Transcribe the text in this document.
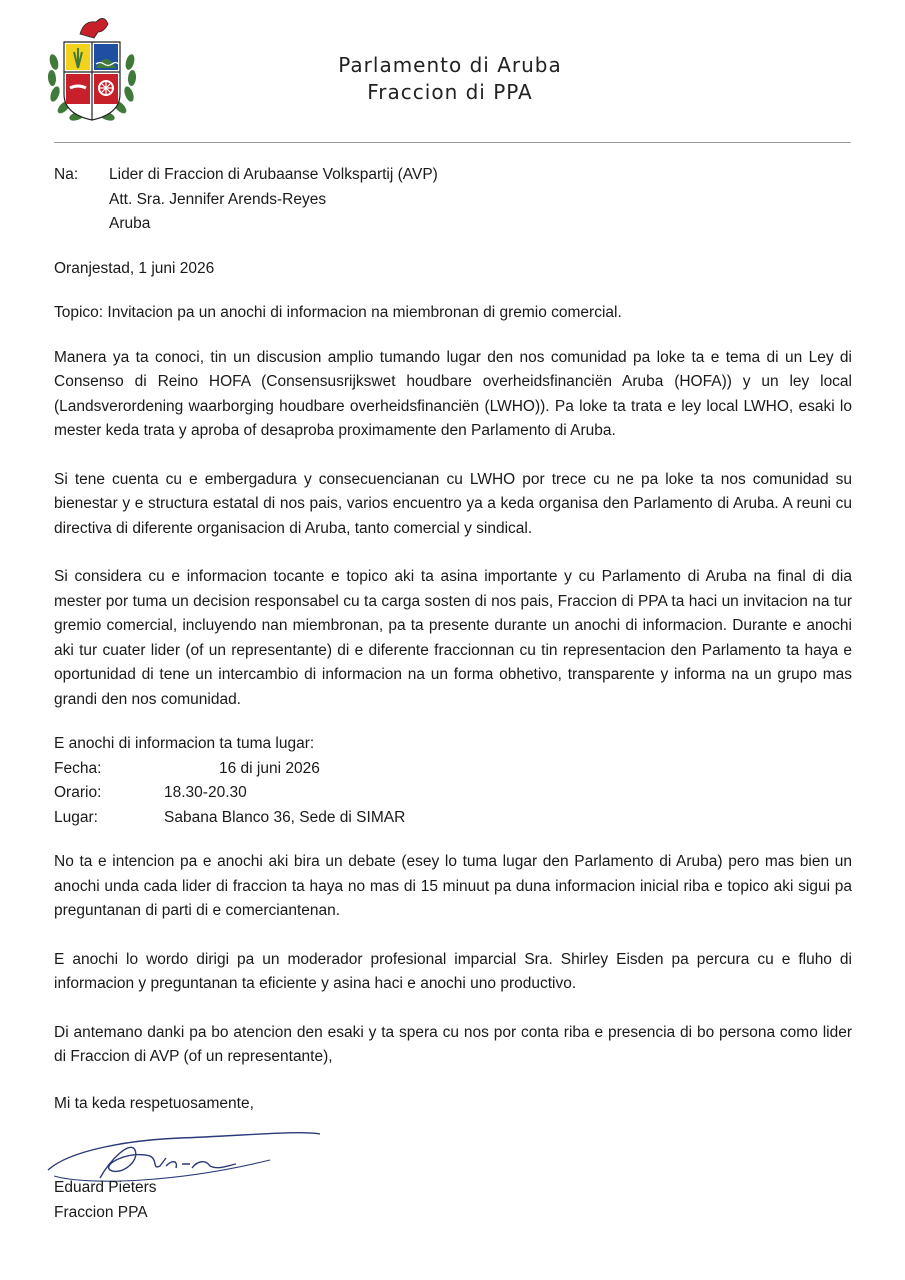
Parlamento di Aruba
Fraccion di PPA
Na:	Lider di Fraccion di Arubaanse Volkspartij (AVP)
Att. Sra. Jennifer Arends-Reyes
Aruba

Oranjestad, 1 juni 2026

Topico: Invitacion pa un anochi di informacion na miembronan di gremio comercial.

Manera ya ta conoci, tin un discusion amplio tumando lugar den nos comunidad pa loke ta e tema di un Ley di Consenso di Reino HOFA (Consensusrijkswet houdbare overheidsfinanciën Aruba (HOFA)) y un ley local (Landsverordening waarborging houdbare overheidsfinanciën (LWHO)). Pa loke ta trata e ley local LWHO, esaki lo mester keda trata y aproba of desaproba proximamente den Parlamento di Aruba.

Si tene cuenta cu e embergadura y consecuencianan cu LWHO por trece cu ne pa loke ta nos comunidad su bienestar y e structura estatal di nos pais, varios encuentro ya a keda organisa den Parlamento di Aruba. A reuni cu directiva di diferente organisacion di Aruba, tanto comercial y sindical.

Si considera cu e informacion tocante e topico aki ta asina importante y cu Parlamento di Aruba na final di dia mester por tuma un decision responsabel cu ta carga sosten di nos pais, Fraccion di PPA ta haci un invitacion na tur gremio comercial, incluyendo nan miembronan, pa ta presente durante un anochi di informacion. Durante e anochi aki tur cuater lider (of un representante) di e diferente fraccionnan cu tin representacion den Parlamento ta haya e oportunidad di tene un intercambio di informacion na un forma obhetivo, transparente y informa na un grupo mas grandi den nos comunidad.

E anochi di informacion ta tuma lugar:
Fecha:	16 di juni 2026
Orario:	18.30-20.30
Lugar:	Sabana Blanco 36, Sede di SIMAR

No ta e intencion pa e anochi aki bira un debate (esey lo tuma lugar den Parlamento di Aruba) pero mas bien un anochi unda cada lider di fraccion ta haya no mas di 15 minuut pa duna informacion inicial riba e topico aki sigui pa preguntanan di parti di e comerciantenan.

E anochi lo wordo dirigi pa un moderador profesional imparcial Sra. Shirley Eisden pa percura cu e fluho di informacion y preguntanan ta eficiente y asina haci e anochi uno productivo.

Di antemano danki pa bo atencion den esaki y ta spera cu nos por conta riba e presencia di bo persona como lider di Fraccion di AVP (of un representante),

Mi ta keda respetuosamente,

Eduard Pieters
Fraccion PPA
